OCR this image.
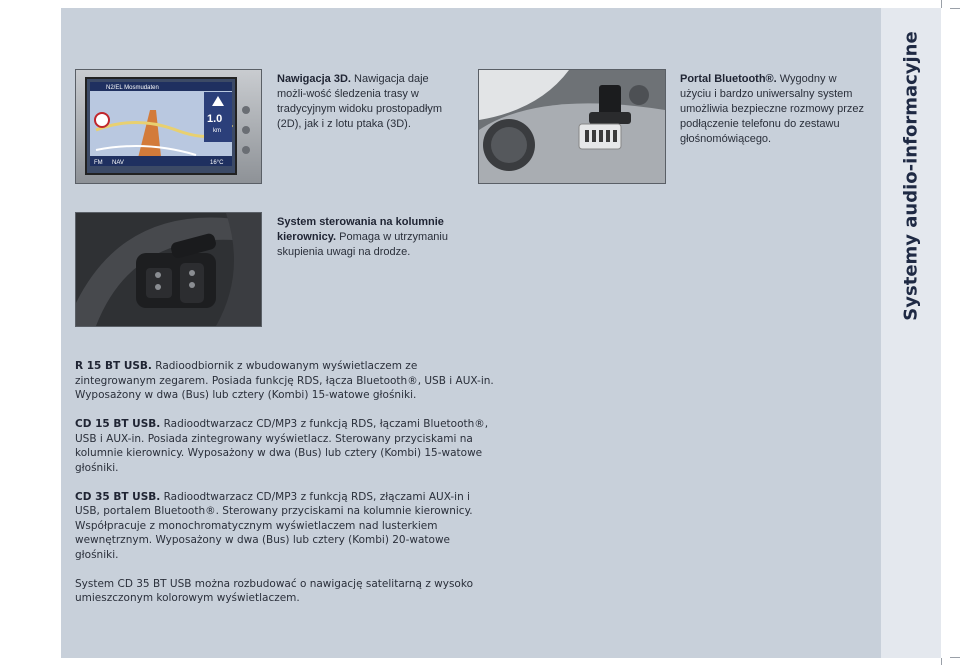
Systemy audio-informacyjne
N2/EL Mosmudaten
1.0
km
FM NAV	16°C
Nawigacja 3D. Nawigacja daje możli-wość śledzenia trasy w tradycyjnym widoku prostopadłym (2D), jak i z lotu ptaka (3D).
System sterowania na kolumnie kierownicy. Pomaga w utrzymaniu skupienia uwagi na drodze.
Portal Bluetooth®. Wygodny w użyciu i bardzo uniwersalny system umożliwia bezpieczne rozmowy przez podłączenie telefonu do zestawu głośnomówiącego.

R 15 BT USB. Radioodbiornik z wbudowanym wyświetlaczem ze zintegrowanym zegarem. Posiada funkcję RDS, łącza Bluetooth®, USB i AUX-in. Wyposażony w dwa (Bus) lub cztery (Kombi) 15-watowe głośniki.

CD 15 BT USB. Radioodtwarzacz CD/MP3 z funkcją RDS, łączami Bluetooth®, USB i AUX-in. Posiada zintegrowany wyświetlacz. Sterowany przyciskami na kolumnie kierownicy. Wyposażony w dwa (Bus) lub cztery (Kombi) 15-watowe głośniki.

CD 35 BT USB. Radioodtwarzacz CD/MP3 z funkcją RDS, złączami AUX-in i USB, portalem Bluetooth®. Sterowany przyciskami na kolumnie kierownicy. Współpracuje z monochromatycznym wyświetlaczem nad lusterkiem wewnętrznym. Wyposażony w dwa (Bus) lub cztery (Kombi) 20-watowe głośniki.

System CD 35 BT USB można rozbudować o nawigację satelitarną z wysoko umieszczonym kolorowym wyświetlaczem.
